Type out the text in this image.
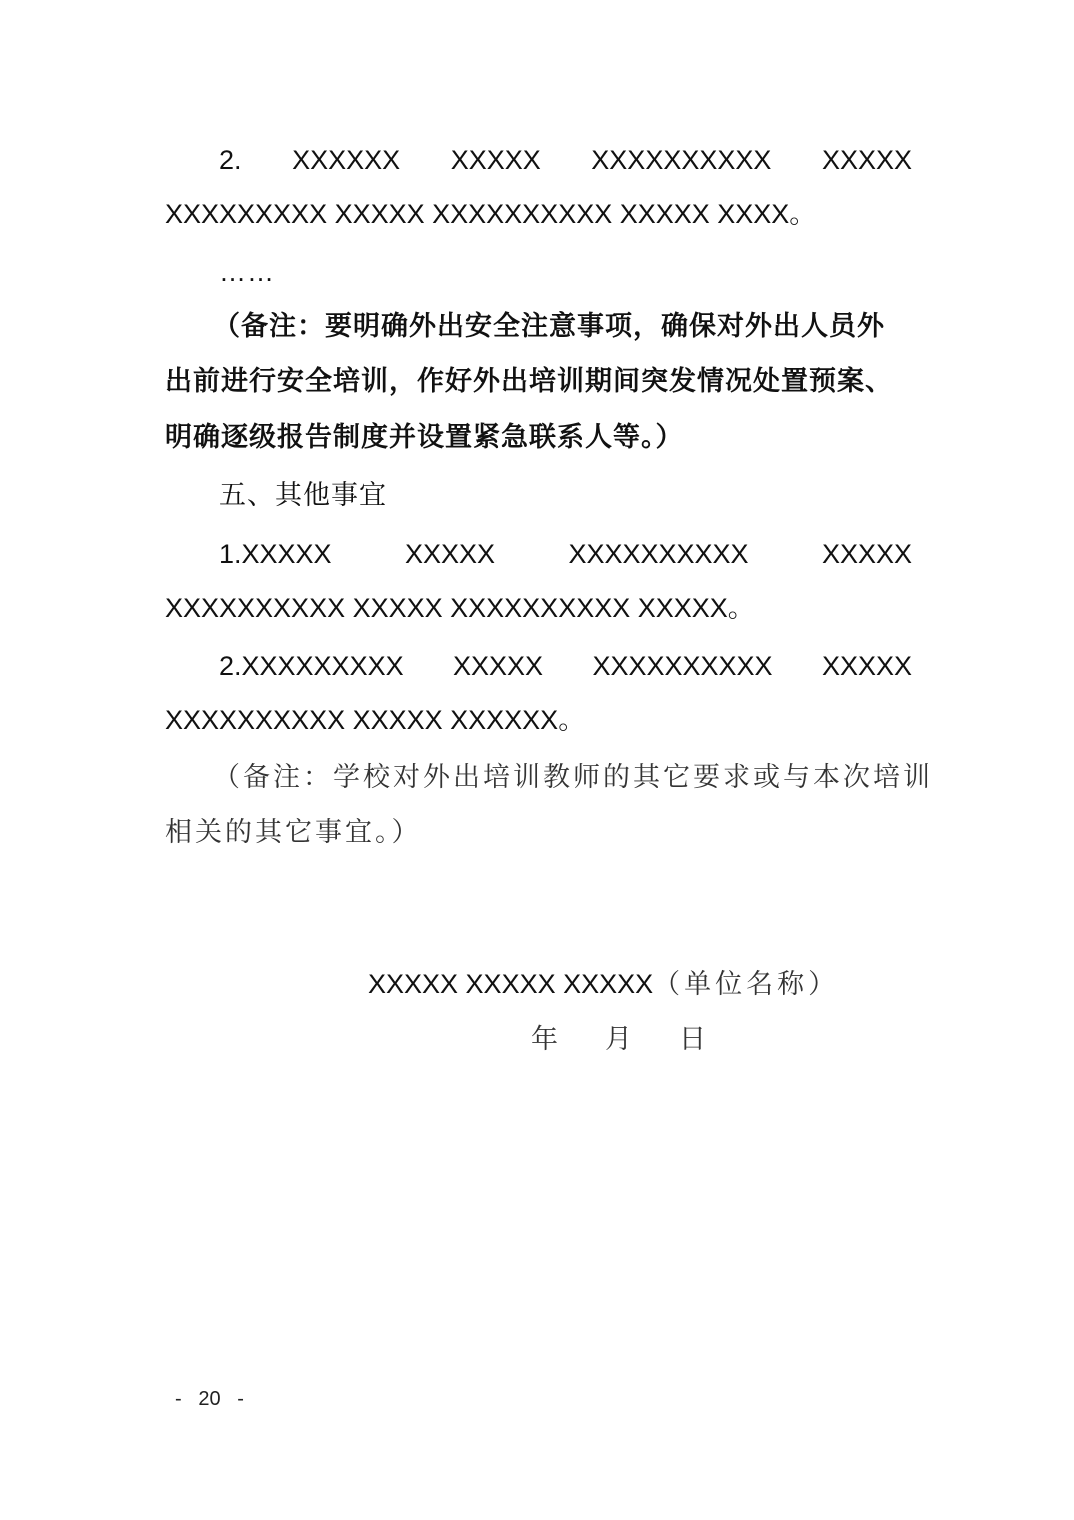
2. XXXXXX XXXXX XXXXXXXXXX XXXXX
XXXXXXXXX XXXXX XXXXXXXXXX XXXXX XXXX。
……
（备注：要明确外出安全注意事项，确保对外出人员外
出前进行安全培训，作好外出培训期间突发情况处置预案、
明确逐级报告制度并设置紧急联系人等。）
五、其他事宜
1.XXXXX XXXXX XXXXXXXXXX XXXXX
XXXXXXXXXX XXXXX XXXXXXXXXX XXXXX。
2.XXXXXXXXX XXXXX XXXXXXXXXX XXXXX
XXXXXXXXXX XXXXX XXXXXX。
（备注：学校对外出培训教师的其它要求或与本次培训
相关的其它事宜。）
XXXXX XXXXX XXXXX（单位名称）
年 月 日
-   20   -
